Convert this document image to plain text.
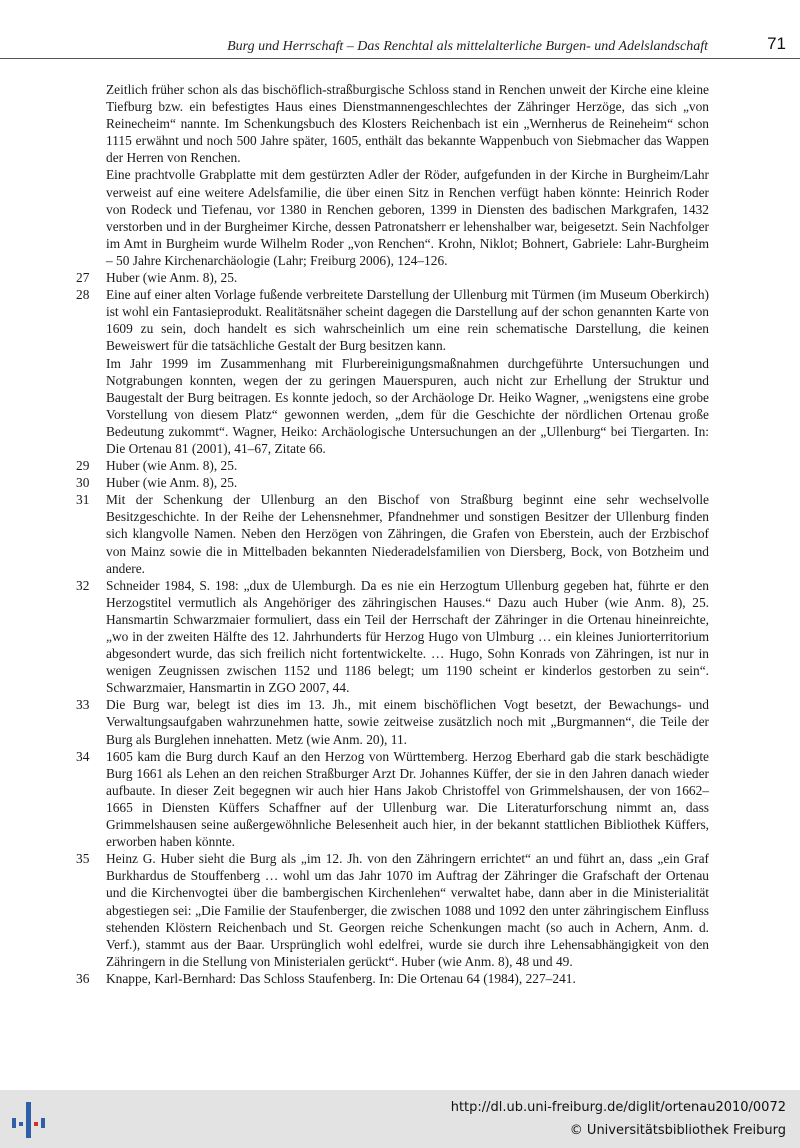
Burg und Herrschaft – Das Renchtal als mittelalterliche Burgen- und Adelslandschaft	71

Zeitlich früher schon als das bischöflich-straßburgische Schloss stand in Renchen unweit der Kirche eine kleine Tiefburg bzw. ein befestigtes Haus eines Dienstmannengeschlechtes der Zähringer Herzöge, das sich „von Reinecheim“ nannte. Im Schenkungsbuch des Klosters Reichenbach ist ein „Wernherus de Reineheim“ schon 1115 erwähnt und noch 500 Jahre später, 1605, enthält das bekannte Wappenbuch von Siebmacher das Wappen der Herren von Renchen.

Eine prachtvolle Grabplatte mit dem gestürzten Adler der Röder, aufgefunden in der Kirche in Burgheim/Lahr verweist auf eine weitere Adelsfamilie, die über einen Sitz in Renchen verfügt haben könnte: Heinrich Roder von Rodeck und Tiefenau, vor 1380 in Renchen geboren, 1399 in Diensten des badischen Markgrafen, 1432 verstorben und in der Burgheimer Kirche, dessen Patronatsherr er lehenshalber war, beigesetzt. Sein Nachfolger im Amt in Burgheim wurde Wilhelm Roder „von Renchen“. Krohn, Niklot; Bohnert, Gabriele: Lahr-Burgheim – 50 Jahre Kirchenarchäologie (Lahr; Freiburg 2006), 124–126.

27	Huber (wie Anm. 8), 25.

28	Eine auf einer alten Vorlage fußende verbreitete Darstellung der Ullenburg mit Türmen (im Museum Oberkirch) ist wohl ein Fantasieprodukt. Realitätsnäher scheint dagegen die Darstellung auf der schon genannten Karte von 1609 zu sein, doch handelt es sich wahrscheinlich um eine rein schematische Darstellung, die keinen Beweiswert für die tatsächliche Gestalt der Burg besitzen kann.

Im Jahr 1999 im Zusammenhang mit Flurbereinigungsmaßnahmen durchgeführte Untersuchungen und Notgrabungen konnten, wegen der zu geringen Mauerspuren, auch nicht zur Erhellung der Struktur und Baugestalt der Burg beitragen. Es konnte jedoch, so der Archäologe Dr. Heiko Wagner, „wenigstens eine grobe Vorstellung von diesem Platz“ gewonnen werden, „dem für die Geschichte der nördlichen Ortenau große Bedeutung zukommt“. Wagner, Heiko: Archäologische Untersuchungen an der „Ullenburg“ bei Tiergarten. In: Die Ortenau 81 (2001), 41–67, Zitate 66.

29	Huber (wie Anm. 8), 25.

30	Huber (wie Anm. 8), 25.

31	Mit der Schenkung der Ullenburg an den Bischof von Straßburg beginnt eine sehr wechselvolle Besitzgeschichte. In der Reihe der Lehensnehmer, Pfandnehmer und sonstigen Besitzer der Ullenburg finden sich klangvolle Namen. Neben den Herzögen von Zähringen, die Grafen von Eberstein, auch der Erzbischof von Mainz sowie die in Mittelbaden bekannten Niederadelsfamilien von Diersberg, Bock, von Botzheim und andere.

32	Schneider 1984, S. 198: „dux de Ulemburgh. Da es nie ein Herzogtum Ullenburg gegeben hat, führte er den Herzogstitel vermutlich als Angehöriger des zähringischen Hauses.“ Dazu auch Huber (wie Anm. 8), 25. Hansmartin Schwarzmaier formuliert, dass ein Teil der Herrschaft der Zähringer in die Ortenau hineinreichte, „wo in der zweiten Hälfte des 12. Jahrhunderts für Herzog Hugo von Ulmburg … ein kleines Juniorterritorium abgesondert wurde, das sich freilich nicht fortentwickelte. … Hugo, Sohn Konrads von Zähringen, ist nur in wenigen Zeugnissen zwischen 1152 und 1186 belegt; um 1190 scheint er kinderlos gestorben zu sein“. Schwarzmaier, Hansmartin in ZGO 2007, 44.

33	Die Burg war, belegt ist dies im 13. Jh., mit einem bischöflichen Vogt besetzt, der Bewachungs- und Verwaltungsaufgaben wahrzunehmen hatte, sowie zeitweise zusätzlich noch mit „Burgmannen“, die Teile der Burg als Burglehen innehatten. Metz (wie Anm. 20), 11.

34	1605 kam die Burg durch Kauf an den Herzog von Württemberg. Herzog Eberhard gab die stark beschädigte Burg 1661 als Lehen an den reichen Straßburger Arzt Dr. Johannes Küffer, der sie in den Jahren danach wieder aufbaute. In dieser Zeit begegnen wir auch hier Hans Jakob Christoffel von Grimmelshausen, der von 1662–1665 in Diensten Küffers Schaffner auf der Ullenburg war. Die Literaturforschung nimmt an, dass Grimmelshausen seine außergewöhnliche Belesenheit auch hier, in der bekannt stattlichen Bibliothek Küffers, erworben haben könnte.

35	Heinz G. Huber sieht die Burg als „im 12. Jh. von den Zähringern errichtet“ an und führt an, dass „ein Graf Burkhardus de Stouffenberg … wohl um das Jahr 1070 im Auftrag der Zähringer die Grafschaft der Ortenau und die Kirchenvogtei über die bambergischen Kirchenlehen“ verwaltet habe, dann aber in die Ministerialität abgestiegen sei: „Die Familie der Staufenberger, die zwischen 1088 und 1092 den unter zähringischem Einfluss stehenden Klöstern Reichenbach und St. Georgen reiche Schenkungen macht (so auch in Achern, Anm. d. Verf.), stammt aus der Baar. Ursprünglich wohl edelfrei, wurde sie durch ihre Lehensabhängigkeit von den Zähringern in die Stellung von Ministerialen gerückt“. Huber (wie Anm. 8), 48 und 49.

36	Knappe, Karl-Bernhard: Das Schloss Staufenberg. In: Die Ortenau 64 (1984), 227–241.

http://dl.ub.uni-freiburg.de/diglit/ortenau2010/0072
© Universitätsbibliothek Freiburg
